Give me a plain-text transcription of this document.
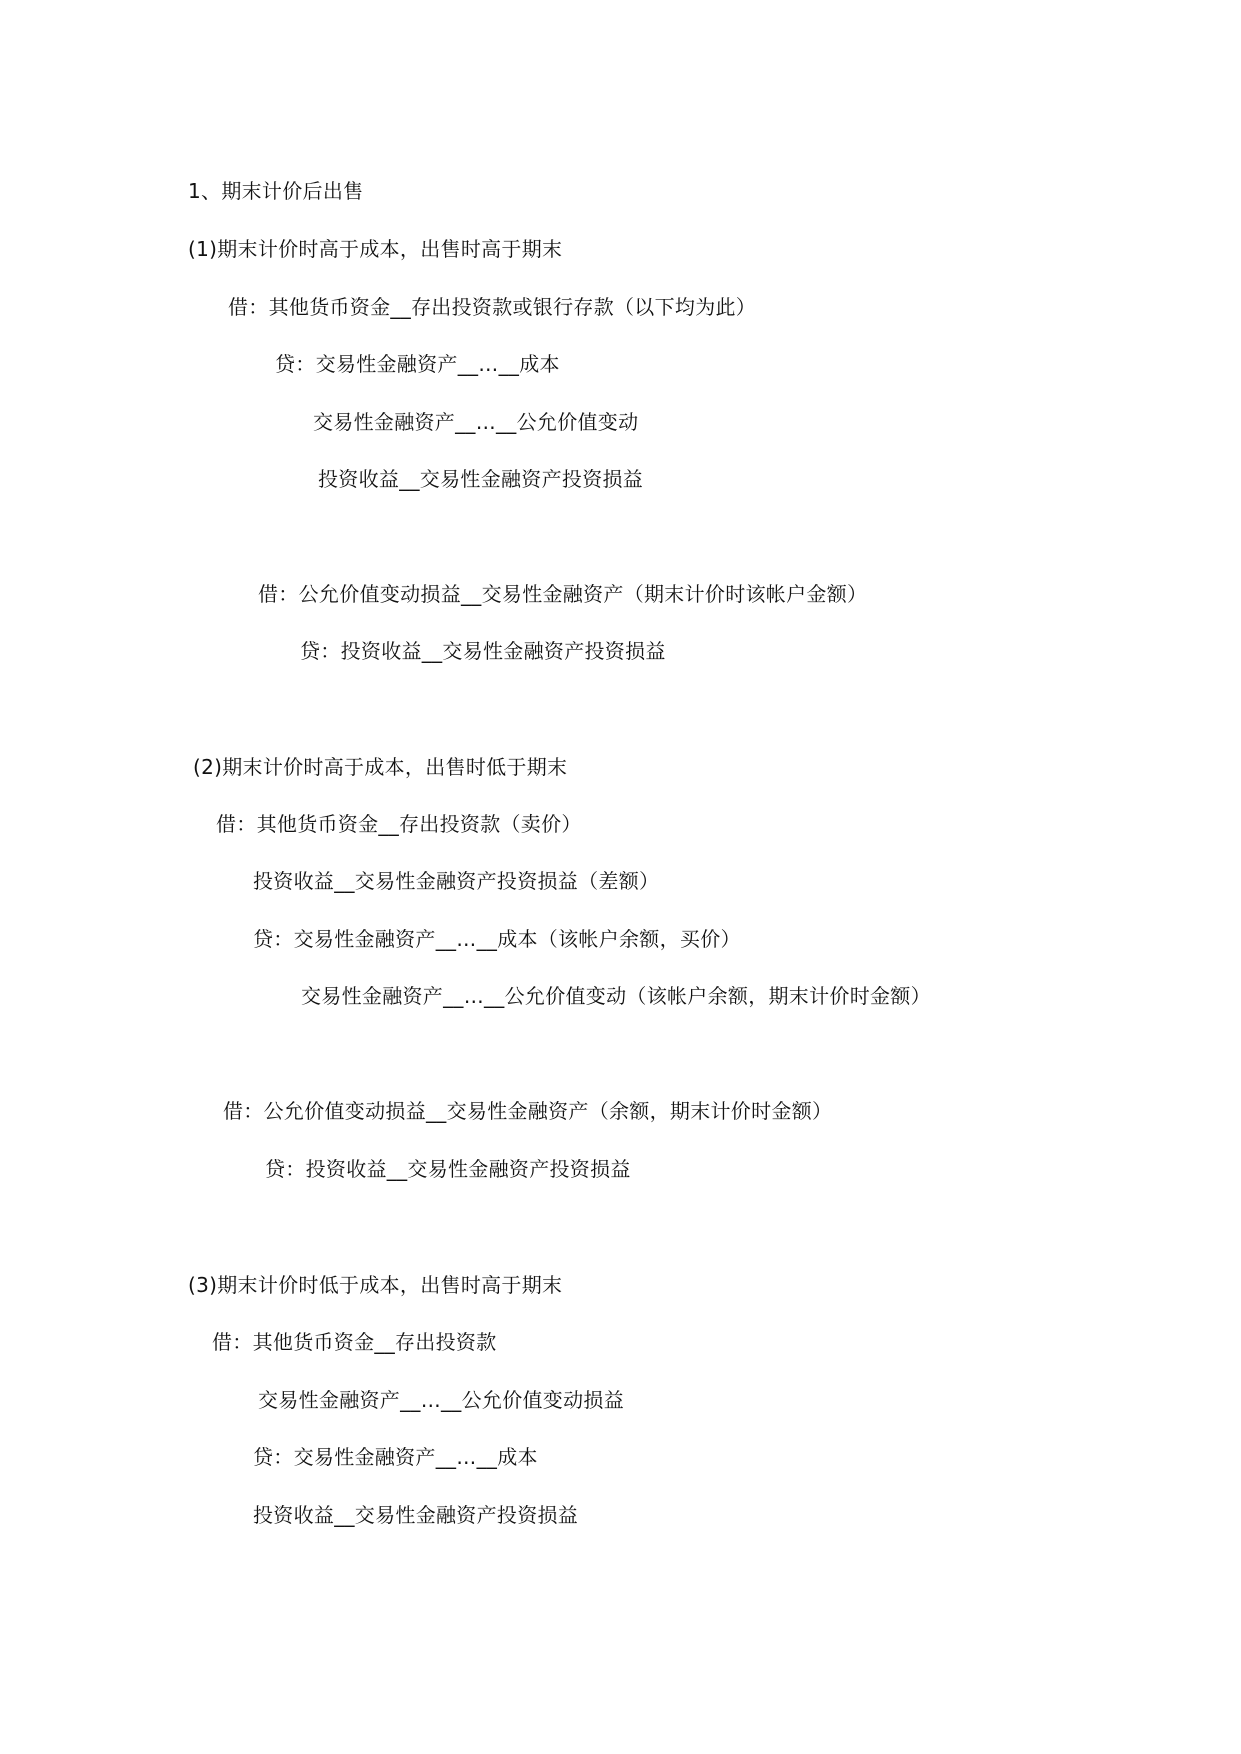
1、期末计价后出售
(1)期末计价时高于成本，出售时高于期末
借：其他货币资金__存出投资款或银行存款（以下均为此）
贷：交易性金融资产__…__成本
交易性金融资产__…__公允价值变动
投资收益__交易性金融资产投资损益
借：公允价值变动损益__交易性金融资产（期末计价时该帐户金额）
贷：投资收益__交易性金融资产投资损益
(2)期末计价时高于成本，出售时低于期末
借：其他货币资金__存出投资款（卖价）
投资收益__交易性金融资产投资损益（差额）
贷：交易性金融资产__…__成本（该帐户余额，买价）
交易性金融资产__…__公允价值变动（该帐户余额，期末计价时金额）
借：公允价值变动损益__交易性金融资产（余额，期末计价时金额）
贷：投资收益__交易性金融资产投资损益
(3)期末计价时低于成本，出售时高于期末
借：其他货币资金__存出投资款
交易性金融资产__…__公允价值变动损益
贷：交易性金融资产__…__成本
投资收益__交易性金融资产投资损益
